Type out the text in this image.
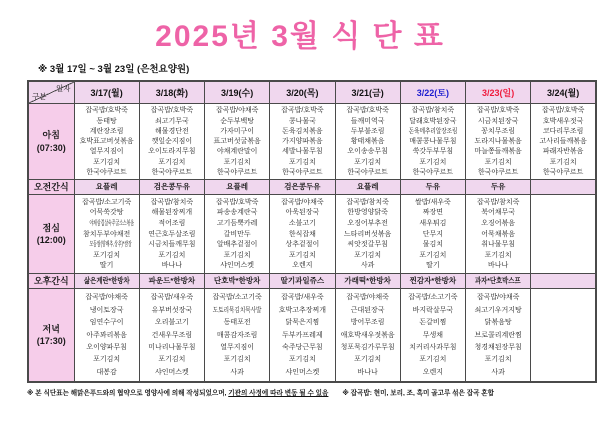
2025년 3월 식 단 표
※ 3월 17일 ~ 3월 23일 (은천요양원)
일자
구분	3/17(월)	3/18(화)	3/19(수)	3/20(목)	3/21(금)	3/22(토)	3/23(일)	3/24(월)

아침
(07:30)

잡곡밥/호박죽
동태탕
계란장조림
호박표고버섯볶음
열무지짐이
포기김치
한국야쿠르트

잡곡밥/호박죽
쇠고기무국
해물경단전
깻잎순지짐이
오이도라지무침
포기김치
한국야쿠르트

잡곡밥/야채죽
순두부백탕
가자미구이
표고버섯굴볶음
야채계란말이
포기김치
한국야쿠르트

잡곡밥/호박죽
콩나물국
돈육김치볶음
가지양파볶음
세발나물무침
포기김치
한국야쿠르트

잡곡밥/호박죽
들깨미역국
두부불조림
황태채볶음
오이송송무침
포기김치
한국야쿠르트

잡곡밥/참치죽
달래호박된장국
돈육메추리알장조림
매콤콩나물무침
쑥갓두부무침
포기김치
한국야쿠르트

잡곡밥/호박죽
시금치된장국
꽁치무조림
도라지나물볶음
마늘쫑들깨볶음
포기김치
한국야쿠르트

잡곡밥/호박죽
호박새우젓국
코다리무조림
고사리들깨볶음
파래자반볶음
포기김치
한국야쿠르트

오전간식	요플레	검은콩두유	요플레	검은콩두유	요플레	두유	두유	

점심
(12:00)

잡곡밥/소고기죽
어묵쑥갓탕
야채삼겹살숙주굴소스볶음
참치두부야채전
모듬쌈(양배추,상추)*쌈장
포기김치
딸기

잡곡밥/참치죽
해물된장찌개
적어조림
연근호두살조림
시금치들깨무침
포기김치
바나나

잡곡밥/호박죽
파송송계란국
고기듬뿍카레
갈비만두
알배추겉절이
포기김치
샤인머스켓

잡곡밥/야채죽
아욱된장국
소불고기
한식잡채
상추겉절이
포기김치
오렌지

잡곡밥/참치죽
한방영양닭죽
오징어부추전
느타리버섯볶음
씨앗젓갈무침
포기김치
사과

쌀밥/새우죽
짜장면
새우튀김
단무지
물김치
포기김치
딸기

잡곡밥/참치죽
북어채무국
오징어볶음
어묵채볶음
취나물무침
포기김치
바나나

오후간식	삶은계란*한방차	파운드*한방차	단호박*한방차	딸기과일쥬스	가래떡*한방차	찐감자*한방차	과자*단호박스프	

저녁
(17:30)

잡곡밥/야채죽
냉이토장국
임연수구이
아주꽈리볶음
오이양파무침
포기김치
대봉감

잡곡밥/새우죽
유부버섯장국
오리불고기
건새우무조림
미나리나물무침
포기김치
샤인머스켓

잡곡밥/소고기죽
도토리묵김치묵사발
동태포전
매콤감자조림
열무지짐이
포기김치
사과

잡곡밥/새우죽
호박고추장찌개
닭묵은지찜
두부카프레제
숙주당근무침
포기김치
샤인머스켓

잡곡밥/야채죽
근대된장국
방어무조림
애호박새우젓볶음
청포묵김가루무침
포기김치
바나나

잡곡밥/소고기죽
바지락살무국
돈갈비찜
무생채
치커리사과무침
포기김치
오렌지

잡곡밥/야채죽
쇠고기우거지탕
닭볶음탕
브로콜리계란찜
청경채된장무침
포기김치
사과

※ 본 식단표는 해맑은푸드와의 협약으로 영양사에 의해 작성되었으며, 기관의 사정에 따라 변동 될 수 있음 ※ 잡곡밥: 현미, 보리, 조, 흑미 골고루 섞은 잡곡 혼합
